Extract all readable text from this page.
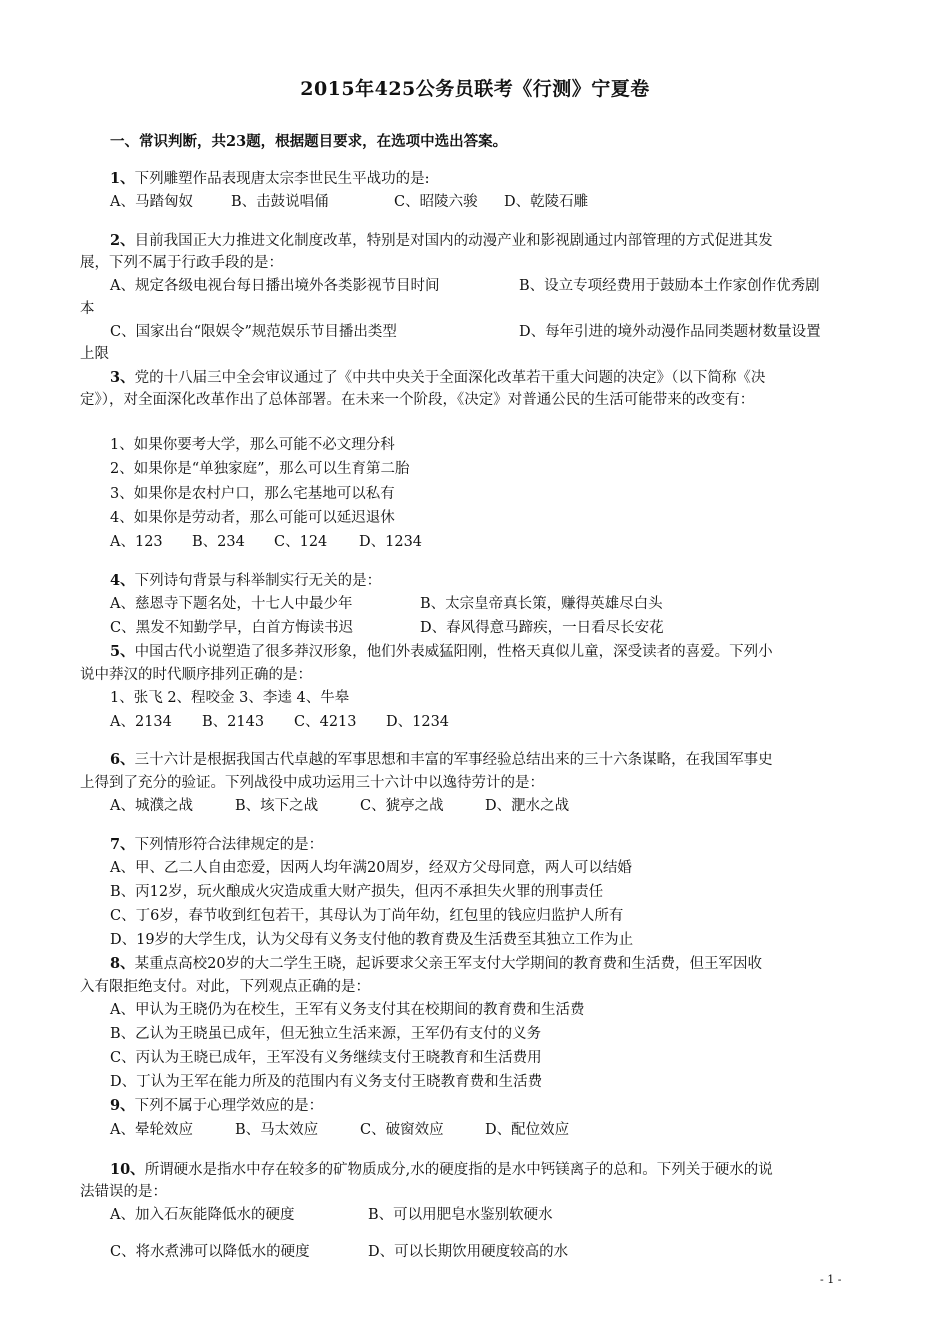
2015年425公务员联考《行测》宁夏卷
一、常识判断，共23题，根据题目要求，在选项中选出答案。
1、下列雕塑作品表现唐太宗李世民生平战功的是:
A、马踏匈奴	B、击鼓说唱俑	C、昭陵六骏 D、乾陵石雕
2、目前我国正大力推进文化制度改革，特别是对国内的动漫产业和影视剧通过内部管理的方式促进其发
展，下列不属于行政手段的是：
A、规定各级电视台每日播出境外各类影视节目时间	B、设立专项经费用于鼓励本土作家创作优秀剧
本
C、国家出台“限娱令”规范娱乐节目播出类型	D、每年引进的境外动漫作品同类题材数量设置
上限
3、党的十八届三中全会审议通过了《中共中央关于全面深化改革若干重大问题的决定》（以下简称《决
定》），对全面深化改革作出了总体部署。在未来一个阶段，《决定》对普通公民的生活可能带来的改变有：
1、如果你要考大学，那么可能不必文理分科
2、如果你是“单独家庭”，那么可以生育第二胎
3、如果你是农村户口，那么宅基地可以私有
4、如果你是劳动者，那么可能可以延迟退休
A、123 B、234 C、124 D、1234
4、下列诗句背景与科举制实行无关的是：
A、慈恩寺下题名处，十七人中最少年	B、太宗皇帝真长策，赚得英雄尽白头
C、黑发不知勤学早，白首方悔读书迟	D、春风得意马蹄疾，一日看尽长安花
5、中国古代小说塑造了很多莽汉形象，他们外表威猛阳刚，性格天真似儿童，深受读者的喜爱。下列小
说中莽汉的时代顺序排列正确的是：
1、张飞 2、程咬金 3、李逵 4、牛皋
A、2134 B、2143 C、4213 D、1234
6、三十六计是根据我国古代卓越的军事思想和丰富的军事经验总结出来的三十六条谋略，在我国军事史
上得到了充分的验证。下列战役中成功运用三十六计中以逸待劳计的是：
A、城濮之战	B、垓下之战	C、猇亭之战	D、淝水之战
7、下列情形符合法律规定的是：
A、甲、乙二人自由恋爱，因两人均年满20周岁，经双方父母同意，两人可以结婚
B、丙12岁，玩火酿成火灾造成重大财产损失，但丙不承担失火罪的刑事责任
C、丁6岁，春节收到红包若干，其母认为丁尚年幼，红包里的钱应归监护人所有
D、19岁的大学生戊，认为父母有义务支付他的教育费及生活费至其独立工作为止
8、某重点高校20岁的大二学生王晓，起诉要求父亲王军支付大学期间的教育费和生活费，但王军因收
入有限拒绝支付。对此，下列观点正确的是：
A、甲认为王晓仍为在校生，王军有义务支付其在校期间的教育费和生活费
B、乙认为王晓虽已成年，但无独立生活来源，王军仍有支付的义务
C、丙认为王晓已成年，王军没有义务继续支付王晓教育和生活费用
D、丁认为王军在能力所及的范围内有义务支付王晓教育费和生活费
9、下列不属于心理学效应的是：
A、晕轮效应	B、马太效应	C、破窗效应	D、配位效应
10、所谓硬水是指水中存在较多的矿物质成分,水的硬度指的是水中钙镁离子的总和。下列关于硬水的说
法错误的是：
A、加入石灰能降低水的硬度	B、可以用肥皂水鉴别软硬水
C、将水煮沸可以降低水的硬度	D、可以长期饮用硬度较高的水
- 1 -
